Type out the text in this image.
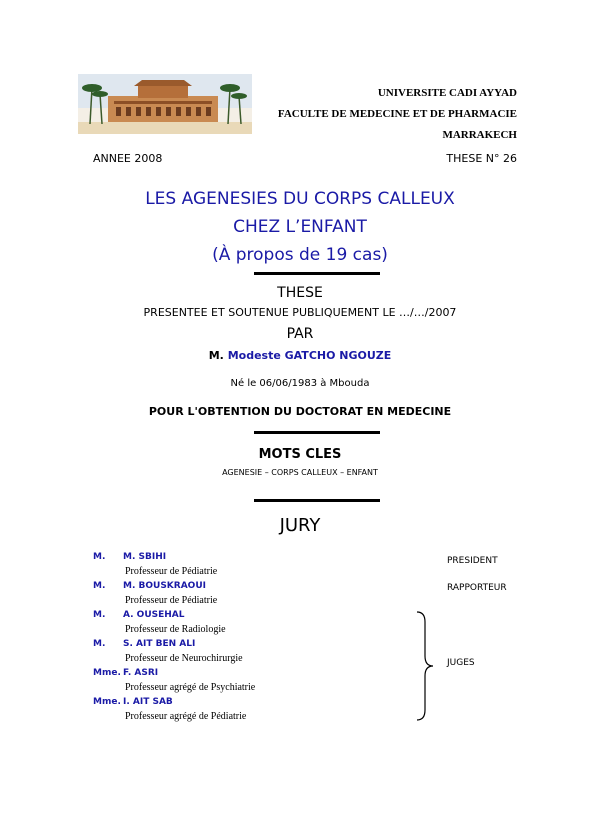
UNIVERSITE CADI AYYAD
FACULTE DE MEDECINE ET DE PHARMACIE
MARRAKECH
ANNEE 2008	THESE N° 26
LES AGENESIES DU CORPS CALLEUX
CHEZ L’ENFANT
(À propos de 19 cas)
THESE
PRESENTEE ET SOUTENUE PUBLIQUEMENT LE …/…/2007
PAR
M. Modeste GATCHO NGOUZE
Né le 06/06/1983 à Mbouda
POUR L'OBTENTION DU DOCTORAT EN MEDECINE
MOTS CLES
AGENESIE – CORPS CALLEUX – ENFANT
JURY
M. M. SBIHI
Professeur de Pédiatrie
M. M. BOUSKRAOUI
Professeur de Pédiatrie
M. A. OUSEHAL
Professeur de Radiologie
M. S. AIT BEN ALI
Professeur de Neurochirurgie
Mme. F. ASRI
Professeur agrégé de Psychiatrie
Mme. I. AIT SAB
Professeur agrégé de Pédiatrie
PRESIDENT
RAPPORTEUR
JUGES
